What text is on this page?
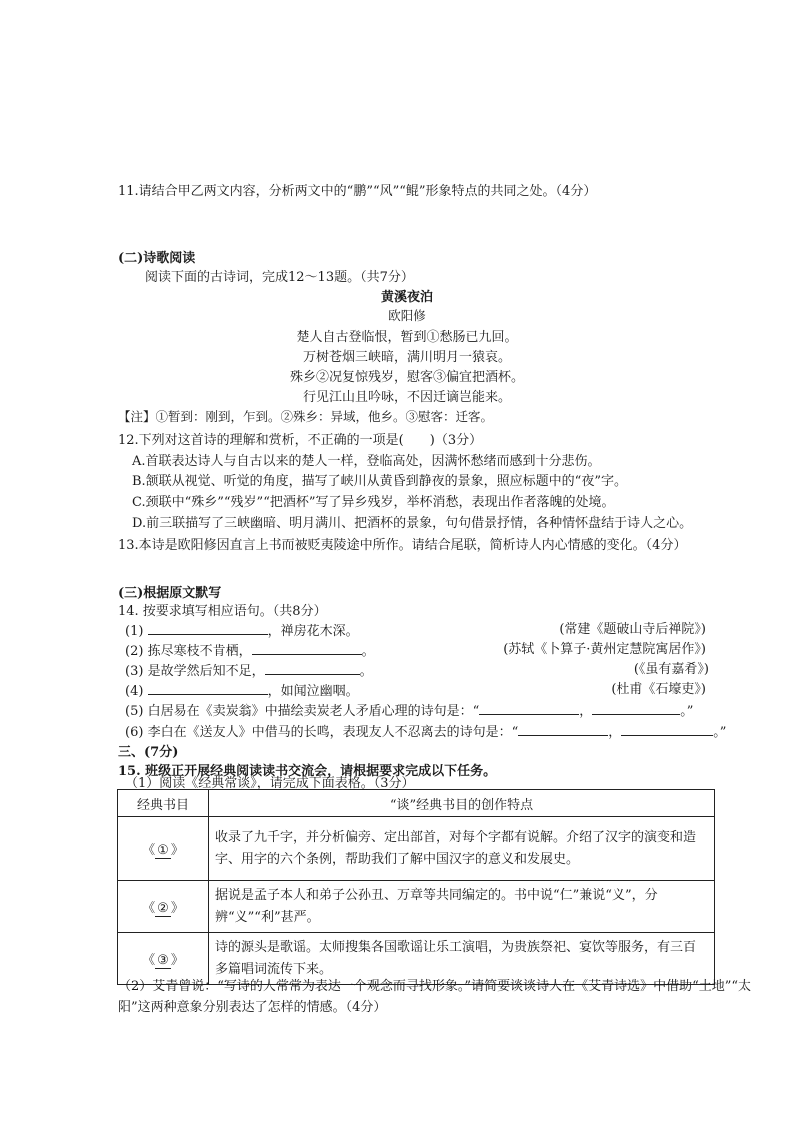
11.请结合甲乙两文内容，分析两文中的“鹏”“风”“鲲”形象特点的共同之处。（4分）
(二)诗歌阅读
阅读下面的古诗词，完成12～13题。（共7分）
黄溪夜泊
欧阳修
楚人自古登临恨，暂到①愁肠已九回。
万树苍烟三峡暗，满川明月一猿哀。
殊乡②况复惊残岁，慰客③偏宜把酒杯。
行见江山且吟咏，不因迁谪岂能来。
【注】①暂到：刚到，乍到。②殊乡：异域，他乡。③慰客：迁客。
12.下列对这首诗的理解和赏析，不正确的一项是(　　)（3分）
A.首联表达诗人与自古以来的楚人一样，登临高处，因满怀愁绪而感到十分悲伤。
B.颔联从视觉、听觉的角度，描写了峡川从黄昏到静夜的景象，照应标题中的“夜”字。
C.颈联中“殊乡”“残岁”“把酒杯”写了异乡残岁，举杯消愁，表现出作者落魄的处境。
D.前三联描写了三峡幽暗、明月满川、把酒杯的景象，句句借景抒情，各种情怀盘结于诗人之心。
13.本诗是欧阳修因直言上书而被贬夷陵途中所作。请结合尾联，简析诗人内心情感的变化。（4分）
(三)根据原文默写
14. 按要求填写相应语句。（共8分）
(1)	，禅房花木深。	(常建《题破山寺后禅院》)
(2) 拣尽寒枝不肯栖，	。	(苏轼《卜算子·黄州定慧院寓居作》)
(3) 是故学然后知不足，	。	(《虽有嘉肴》)
(4)	，如闻泣幽咽。	(杜甫《石壕吏》)
(5) 白居易在《卖炭翁》中描绘卖炭老人矛盾心理的诗句是：“	，	。”
(6) 李白在《送友人》中借马的长鸣，表现友人不忍离去的诗句是：“	，	。”
三、(7分)
15. 班级正开展经典阅读读书交流会，请根据要求完成以下任务。
（1）阅读《经典常谈》，请完成下面表格。（3分）
经典书目	“谈”经典书目的创作特点
《 ① 》	收录了九千字，并分析偏旁、定出部首，对每个字都有说解。介绍了汉字的演变和造字、用字的六个条例，帮助我们了解中国汉字的意义和发展史。
《 ② 》	据说是孟子本人和弟子公孙丑、万章等共同编定的。书中说“仁”兼说“义”，分辨“义”“利”甚严。
《 ③ 》	诗的源头是歌谣。太师搜集各国歌谣让乐工演唱，为贵族祭祀、宴饮等服务，有三百多篇唱词流传下来。
（2）艾青曾说：“写诗的人常常为表达一个观念而寻找形象。”请简要谈谈诗人在《艾青诗选》中借助“土地”“太
阳”这两种意象分别表达了怎样的情感。（4分）
